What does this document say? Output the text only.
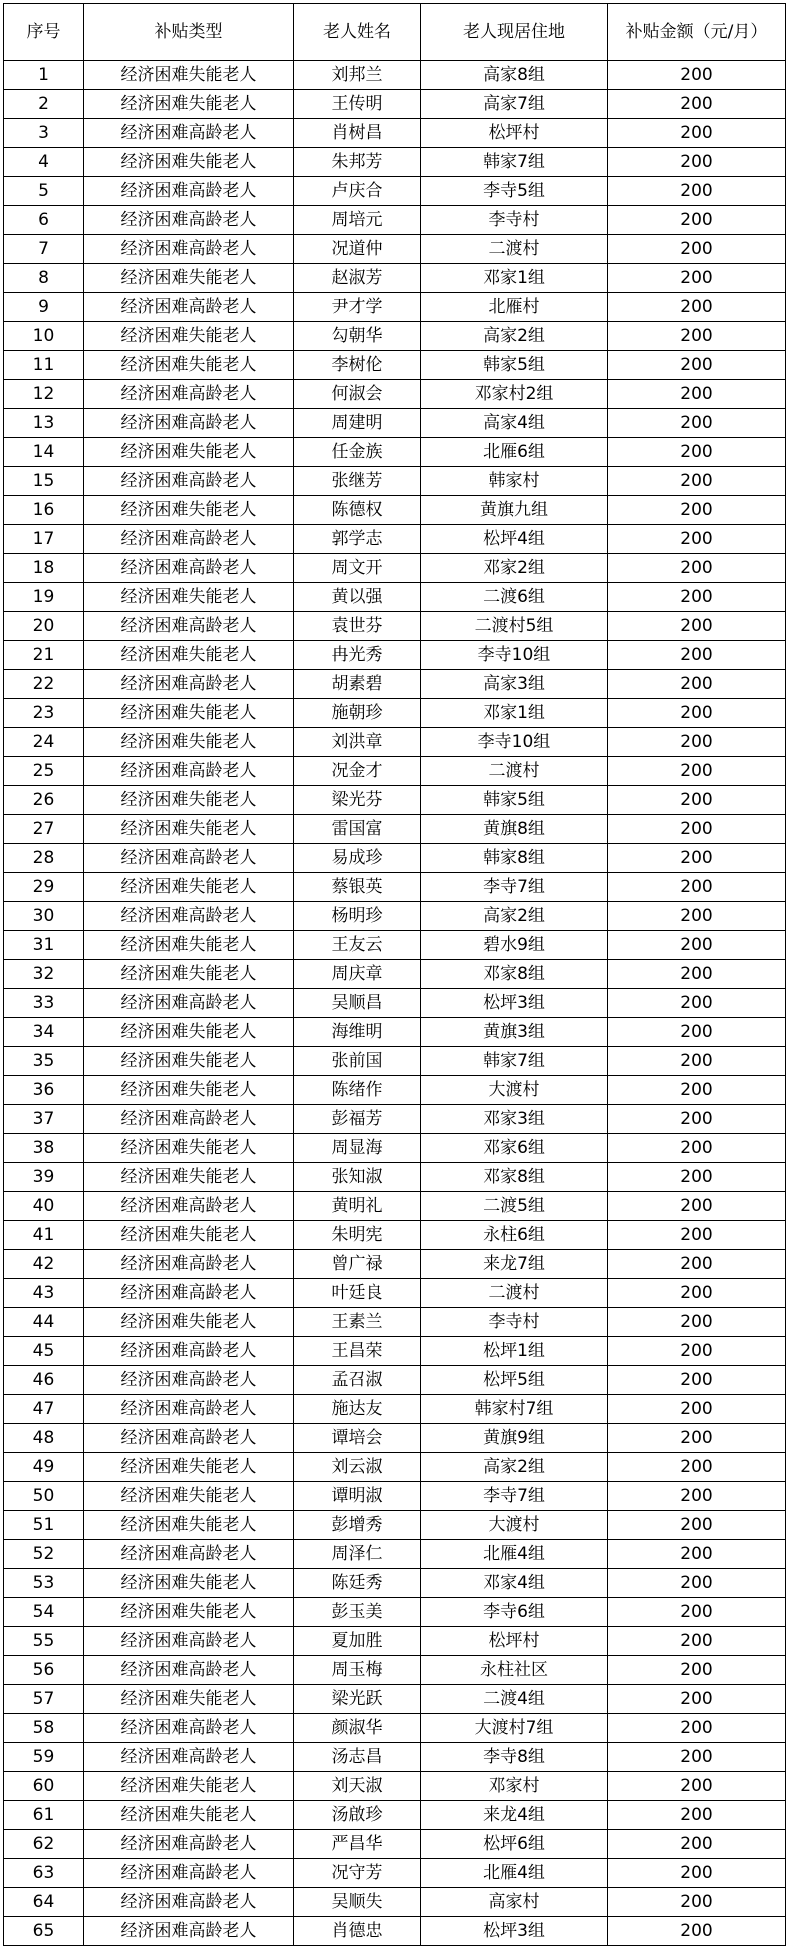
序号	补贴类型	老人姓名	老人现居住地	补贴金额（元/月）
1	经济困难失能老人	刘邦兰	高家8组	200
2	经济困难失能老人	王传明	高家7组	200
3	经济困难高龄老人	肖树昌	松坪村	200
4	经济困难失能老人	朱邦芳	韩家7组	200
5	经济困难高龄老人	卢庆合	李寺5组	200
6	经济困难高龄老人	周培元	李寺村	200
7	经济困难高龄老人	况道仲	二渡村	200
8	经济困难失能老人	赵淑芳	邓家1组	200
9	经济困难高龄老人	尹才学	北雁村	200
10	经济困难失能老人	勾朝华	高家2组	200
11	经济困难失能老人	李树伦	韩家5组	200
12	经济困难高龄老人	何淑会	邓家村2组	200
13	经济困难高龄老人	周建明	高家4组	200
14	经济困难失能老人	任金族	北雁6组	200
15	经济困难高龄老人	张继芳	韩家村	200
16	经济困难失能老人	陈德权	黄旗九组	200
17	经济困难高龄老人	郭学志	松坪4组	200
18	经济困难高龄老人	周文开	邓家2组	200
19	经济困难失能老人	黄以强	二渡6组	200
20	经济困难高龄老人	袁世芬	二渡村5组	200
21	经济困难失能老人	冉光秀	李寺10组	200
22	经济困难高龄老人	胡素碧	高家3组	200
23	经济困难失能老人	施朝珍	邓家1组	200
24	经济困难失能老人	刘洪章	李寺10组	200
25	经济困难高龄老人	况金才	二渡村	200
26	经济困难失能老人	梁光芬	韩家5组	200
27	经济困难失能老人	雷国富	黄旗8组	200
28	经济困难高龄老人	易成珍	韩家8组	200
29	经济困难失能老人	蔡银英	李寺7组	200
30	经济困难高龄老人	杨明珍	高家2组	200
31	经济困难失能老人	王友云	碧水9组	200
32	经济困难失能老人	周庆章	邓家8组	200
33	经济困难高龄老人	吴顺昌	松坪3组	200
34	经济困难失能老人	海维明	黄旗3组	200
35	经济困难失能老人	张前国	韩家7组	200
36	经济困难失能老人	陈绪作	大渡村	200
37	经济困难高龄老人	彭福芳	邓家3组	200
38	经济困难失能老人	周显海	邓家6组	200
39	经济困难失能老人	张知淑	邓家8组	200
40	经济困难高龄老人	黄明礼	二渡5组	200
41	经济困难失能老人	朱明宪	永柱6组	200
42	经济困难高龄老人	曾广禄	来龙7组	200
43	经济困难高龄老人	叶廷良	二渡村	200
44	经济困难失能老人	王素兰	李寺村	200
45	经济困难高龄老人	王昌荣	松坪1组	200
46	经济困难高龄老人	孟召淑	松坪5组	200
47	经济困难高龄老人	施达友	韩家村7组	200
48	经济困难高龄老人	谭培会	黄旗9组	200
49	经济困难失能老人	刘云淑	高家2组	200
50	经济困难失能老人	谭明淑	李寺7组	200
51	经济困难失能老人	彭增秀	大渡村	200
52	经济困难高龄老人	周泽仁	北雁4组	200
53	经济困难失能老人	陈廷秀	邓家4组	200
54	经济困难失能老人	彭玉美	李寺6组	200
55	经济困难高龄老人	夏加胜	松坪村	200
56	经济困难高龄老人	周玉梅	永柱社区	200
57	经济困难失能老人	梁光跃	二渡4组	200
58	经济困难高龄老人	颜淑华	大渡村7组	200
59	经济困难高龄老人	汤志昌	李寺8组	200
60	经济困难失能老人	刘天淑	邓家村	200
61	经济困难失能老人	汤啟珍	来龙4组	200
62	经济困难高龄老人	严昌华	松坪6组	200
63	经济困难高龄老人	况守芳	北雁4组	200
64	经济困难高龄老人	吴顺失	高家村	200
65	经济困难高龄老人	肖德忠	松坪3组	200
